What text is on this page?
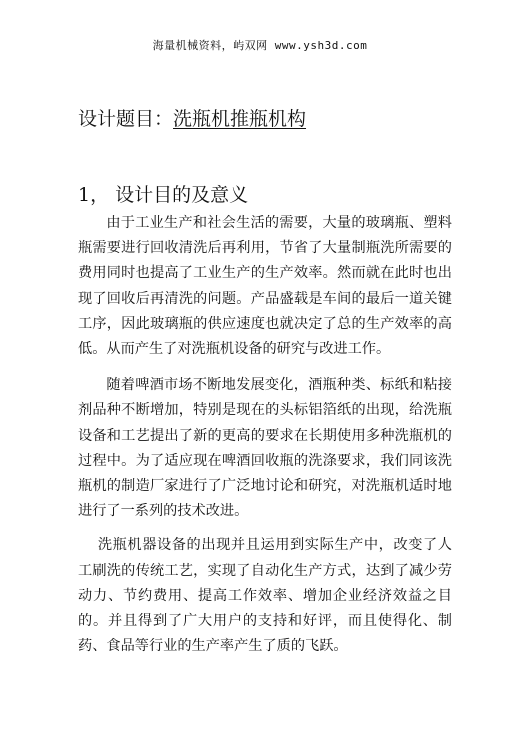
海量机械资料，屿双网 www.ysh3d.com
设计题目：洗瓶机推瓶机构
1， 设计目的及意义

由于工业生产和社会生活的需要，大量的玻璃瓶、塑料瓶需要进行回收清洗后再利用，节省了大量制瓶洗所需要的费用同时也提高了工业生产的生产效率。然而就在此时也出现了回收后再清洗的问题。产品盛载是车间的最后一道关键工序，因此玻璃瓶的供应速度也就决定了总的生产效率的高低。从而产生了对洗瓶机设备的研究与改进工作。

随着啤酒市场不断地发展变化，酒瓶种类、标纸和粘接剂品种不断增加，特别是现在的头标铝箔纸的出现，给洗瓶设备和工艺提出了新的更高的要求在长期使用多种洗瓶机的过程中。为了适应现在啤酒回收瓶的洗涤要求，我们同该洗瓶机的制造厂家进行了广泛地讨论和研究，对洗瓶机适时地进行了一系列的技术改进。

洗瓶机器设备的出现并且运用到实际生产中，改变了人工刷洗的传统工艺，实现了自动化生产方式，达到了减少劳动力、节约费用、提高工作效率、增加企业经济效益之目的。并且得到了广大用户的支持和好评，而且使得化、制药、食品等行业的生产率产生了质的飞跃。
